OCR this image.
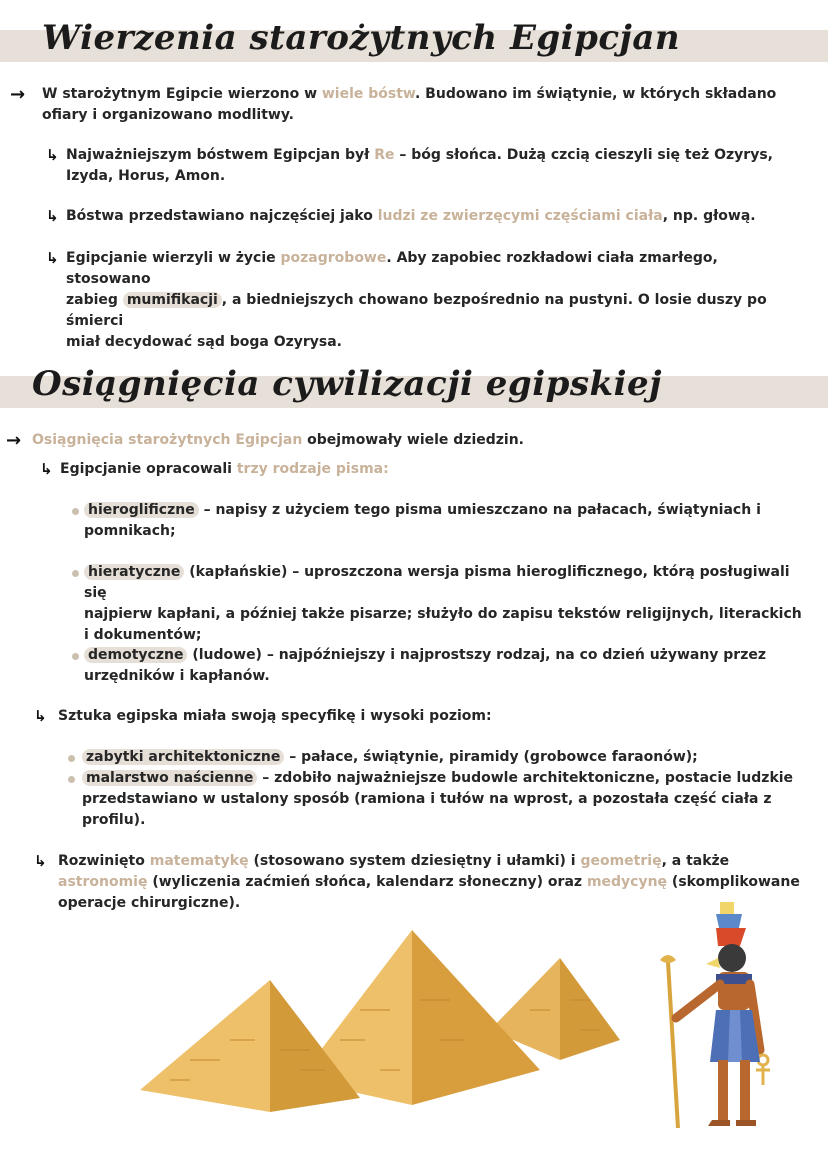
Wierzenia starożytnych Egipcjan
→ W starożytnym Egipcie wierzono w wiele bóstw. Budowano im świątynie, w których składano
ofiary i organizowano modlitwy.
↳ Najważniejszym bóstwem Egipcjan był Re – bóg słońca. Dużą czcią cieszyli się też Ozyrys,
Izyda, Horus, Amon.
↳ Bóstwa przedstawiano najczęściej jako ludzi ze zwierzęcymi częściami ciała, np. głową.
↳ Egipcjanie wierzyli w życie pozagrobowe. Aby zapobiec rozkładowi ciała zmarłego, stosowano
zabieg mumifikacji , a biedniejszych chowano bezpośrednio na pustyni. O losie duszy po śmierci
miał decydować sąd boga Ozyrysa.
Osiągnięcia cywilizacji egipskiej
→ Osiągnięcia starożytnych Egipcjan obejmowały wiele dziedzin.
↳ Egipcjanie opracowali trzy rodzaje pisma:
hieroglificzne – napisy z użyciem tego pisma umieszczano na pałacach, świątyniach i
pomnikach;
hieratyczne (kapłańskie) – uproszczona wersja pisma hieroglificznego, którą posługiwali się
najpierw kapłani, a później także pisarze; służyło do zapisu tekstów religijnych, literackich
i dokumentów;
demotyczne (ludowe) – najpóźniejszy i najprostszy rodzaj, na co dzień używany przez
urzędników i kapłanów.
↳ Sztuka egipska miała swoją specyfikę i wysoki poziom:
zabytki architektoniczne – pałace, świątynie, piramidy (grobowce faraonów);
malarstwo naścienne – zdobiło najważniejsze budowle architektoniczne, postacie ludzkie
przedstawiano w ustalony sposób (ramiona i tułów na wprost, a pozostała część ciała z
profilu).
↳ Rozwinięto matematykę (stosowano system dziesiętny i ułamki) i geometrię, a także
astronomię (wyliczenia zaćmień słońca, kalendarz słoneczny) oraz medycynę (skomplikowane
operacje chirurgiczne).
